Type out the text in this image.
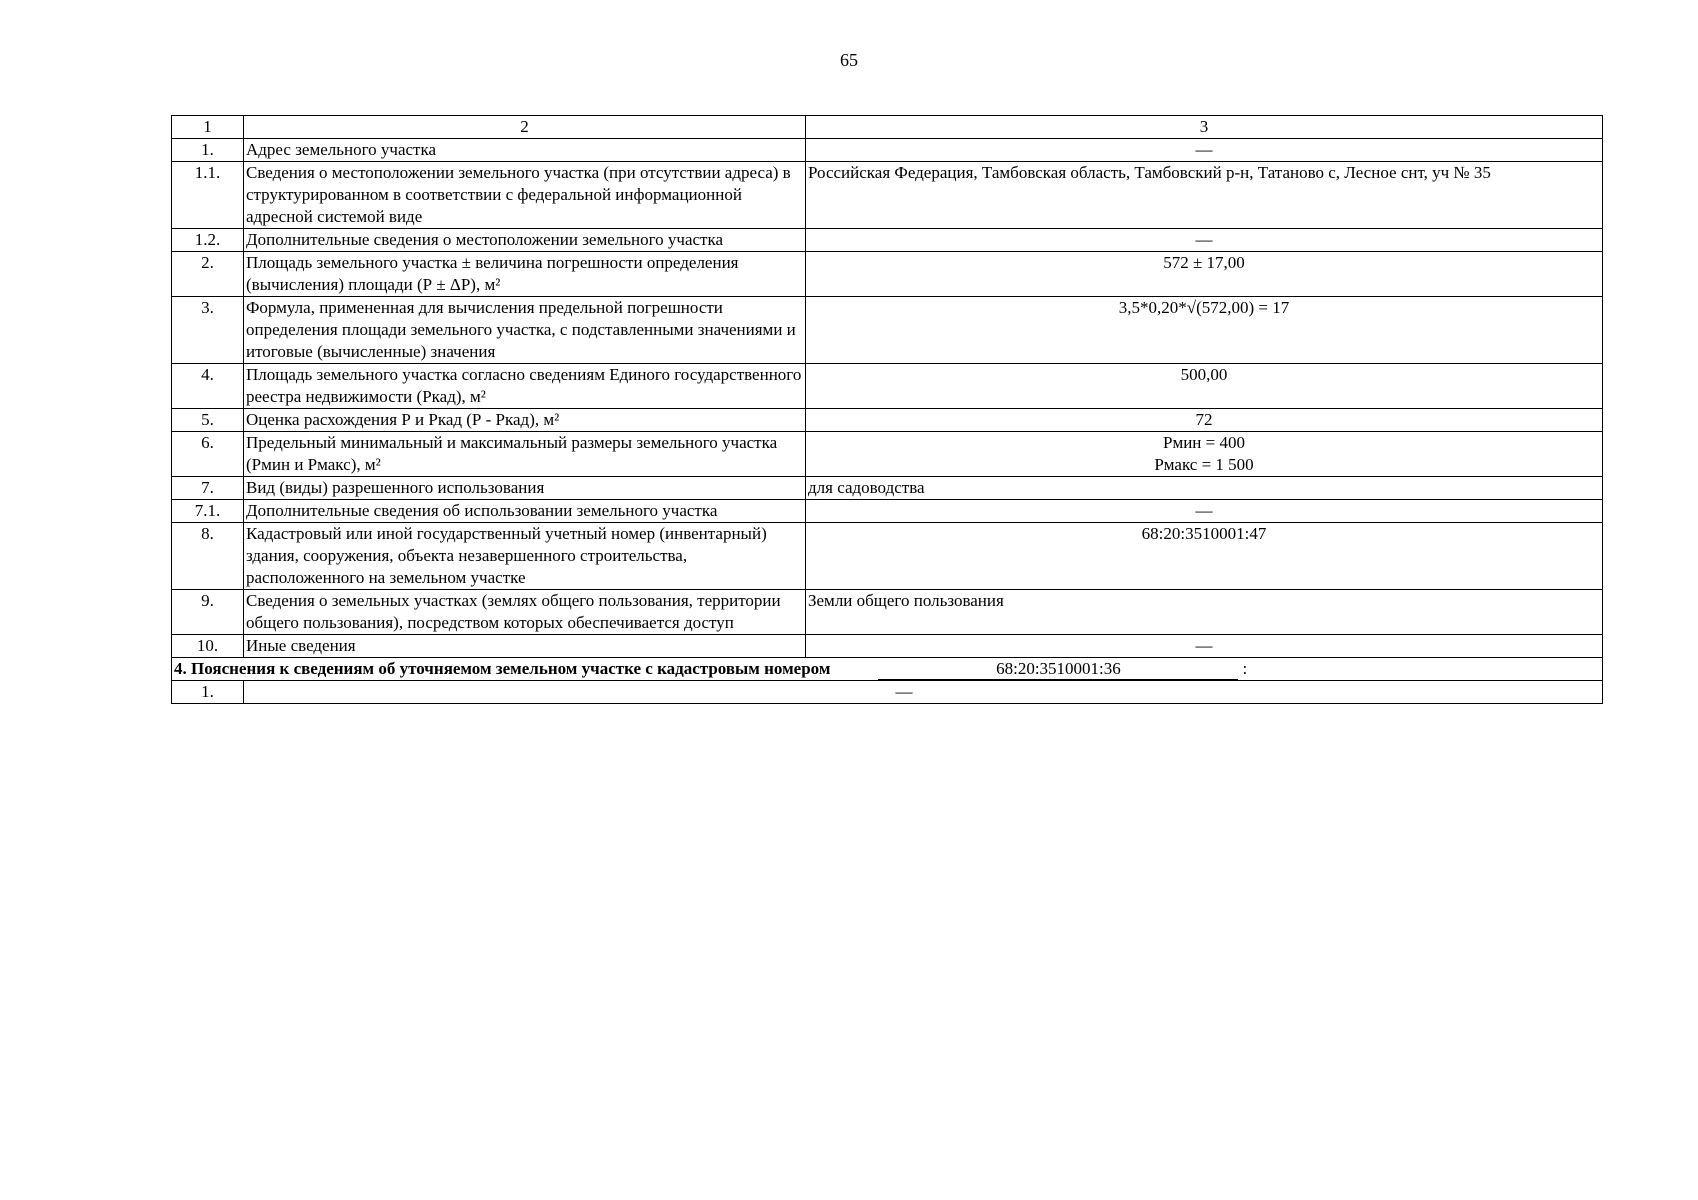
65
1	2	3
1.	Адрес земельного участка	—
1.1.	Сведения о местоположении земельного участка (при отсутствии адреса) в структурированном в соответствии с федеральной информационной адресной системой виде	Российская Федерация, Тамбовская область, Тамбовский р-н, Татаново с, Лесное снт, уч № 35
1.2.	Дополнительные сведения о местоположении земельного участка	—
2.	Площадь земельного участка ± величина погрешности определения (вычисления) площади (Р ± ΔР), м²	572 ± 17,00
3.	Формула, примененная для вычисления предельной погрешности определения площади земельного участка, с подставленными значениями и итоговые (вычисленные) значения	3,5*0,20*√(572,00) = 17
4.	Площадь земельного участка согласно сведениям Единого государственного реестра недвижимости (Ркад), м²	500,00
5.	Оценка расхождения Р и Ркад (Р - Ркад), м²	72
6.	Предельный минимальный и максимальный размеры земельного участка (Рмин и Рмакс), м²	Рмин = 400
Рмакс = 1 500
7.	Вид (виды) разрешенного использования	для садоводства
7.1.	Дополнительные сведения об использовании земельного участка	—
8.	Кадастровый или иной государственный учетный номер (инвентарный) здания, сооружения, объекта незавершенного строительства, расположенного на земельном участке	68:20:3510001:47
9.	Сведения о земельных участках (землях общего пользования, территории общего пользования), посредством которых обеспечивается доступ	Земли общего пользования
10.	Иные сведения	—

4. Пояснения к сведениям об уточняемом земельном участке с кадастровым номером 68:20:3510001:36 :		

1.	—	
